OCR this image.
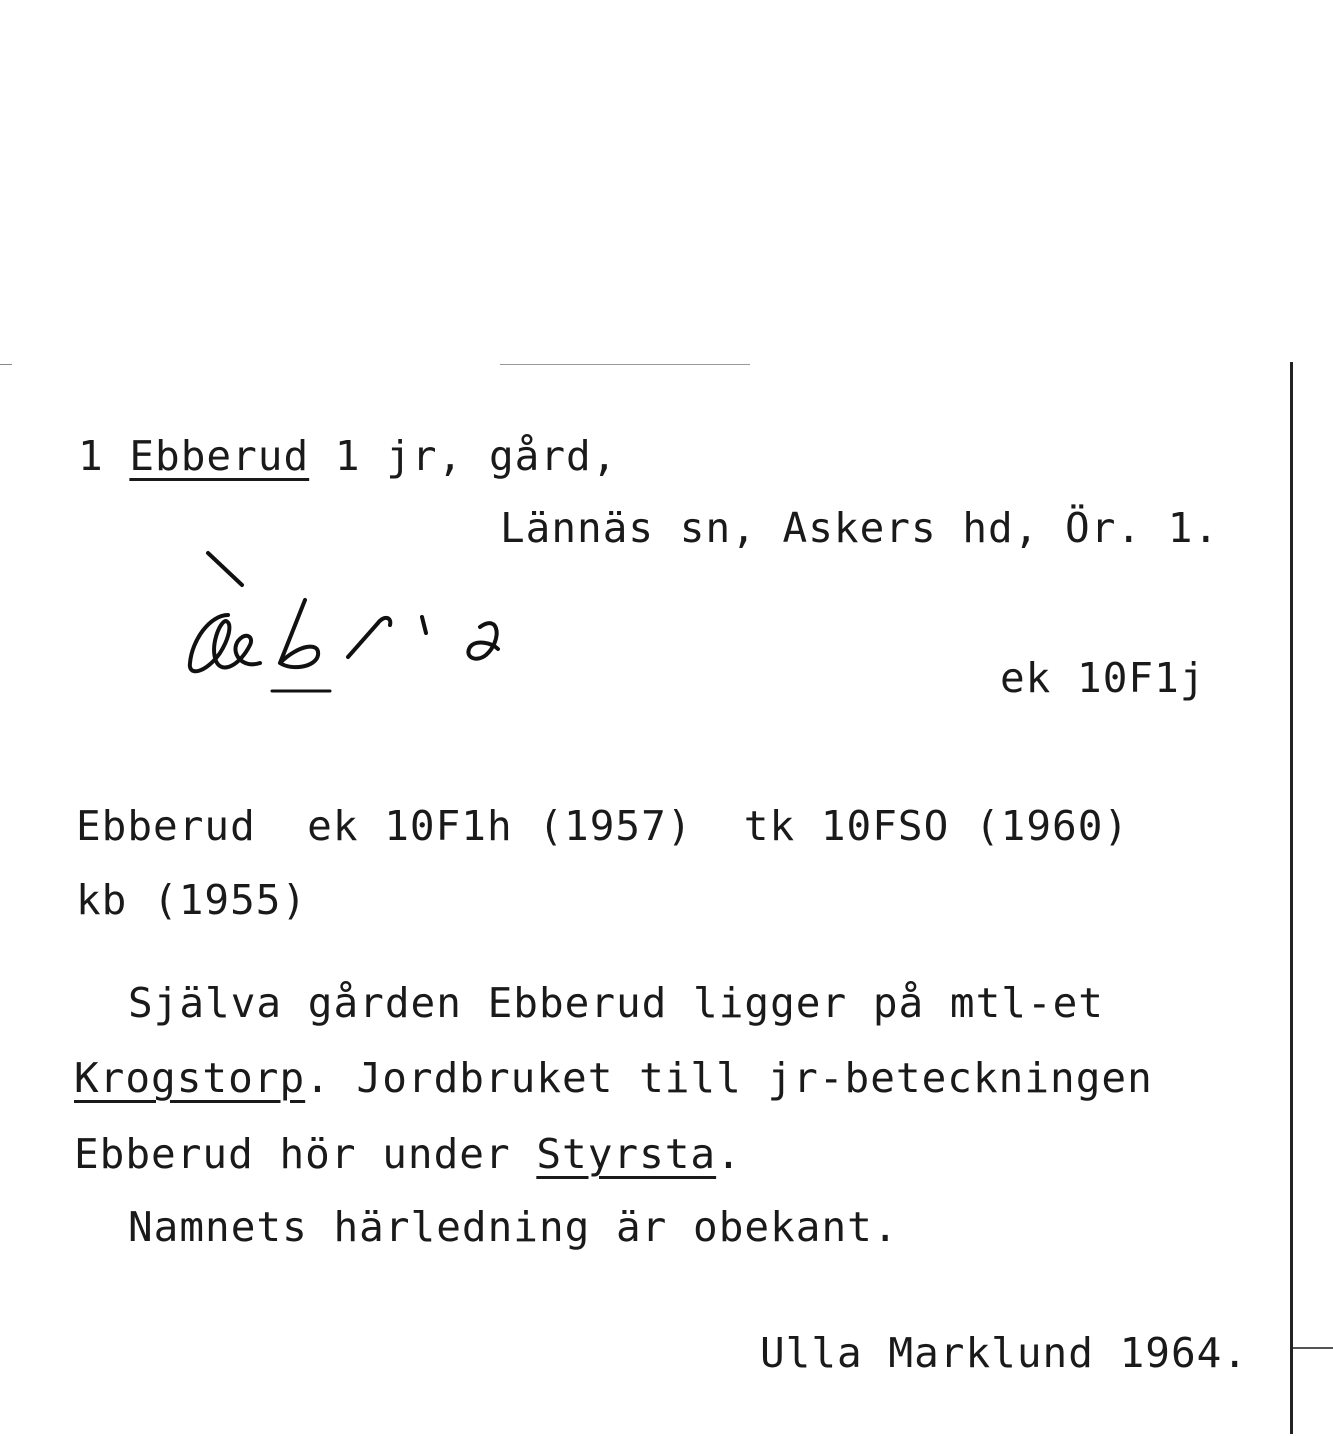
1 Ebberud 1 jr, gård,
Lännäs sn, Askers hd, Ör. 1.
ek 10F1j
Ebberud ek 10F1h (1957)  tk 10FSO (1960)
kb (1955)
Själva gården Ebberud ligger på mtl-et
Krogstorp. Jordbruket till jr-beteckningen
Ebberud hör under Styrsta.
Namnets härledning är obekant.
Ulla Marklund 1964.
